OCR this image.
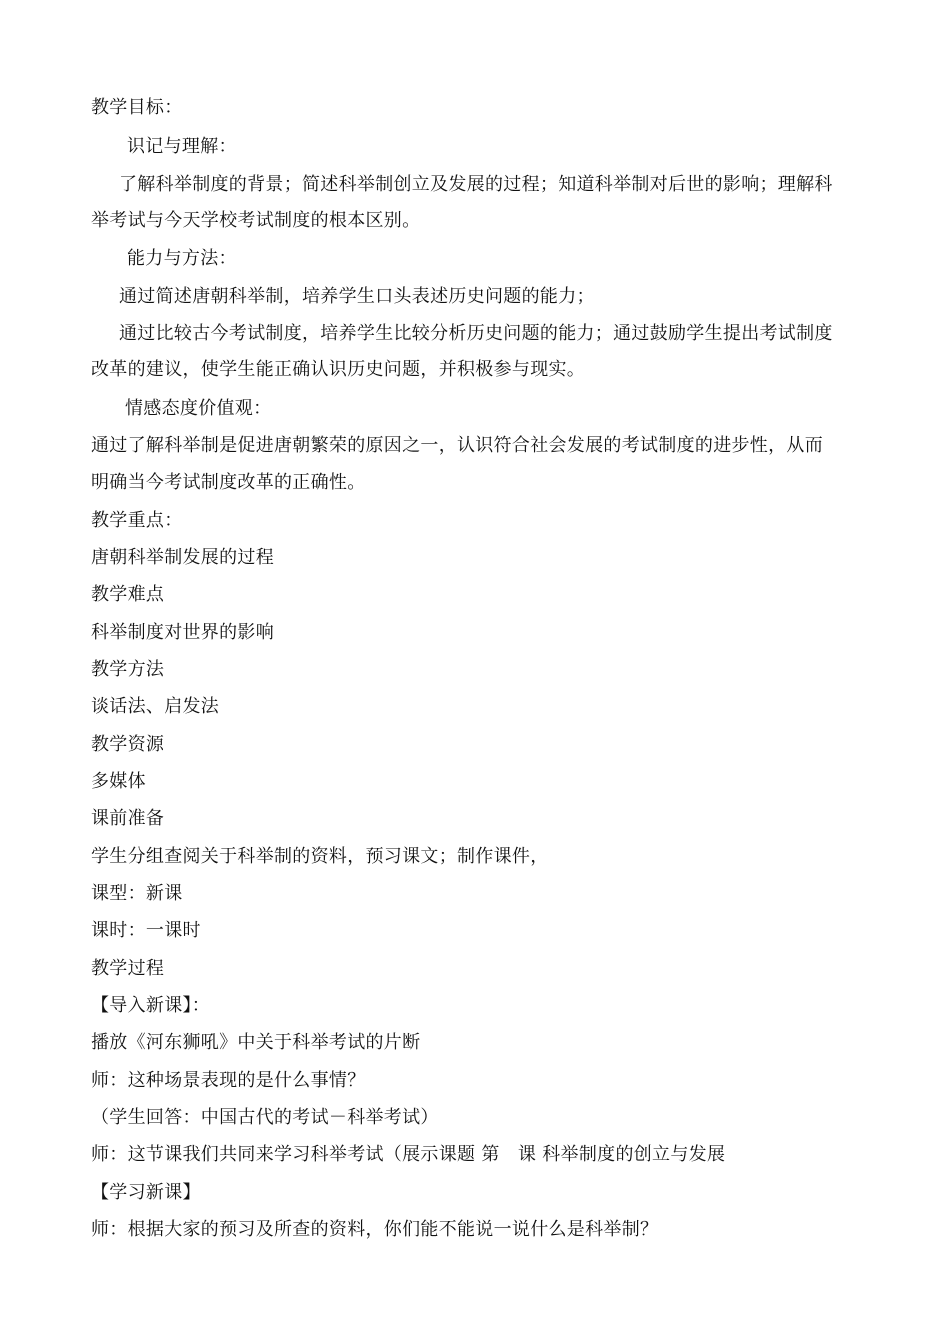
教学目标：
识记与理解：
了解科举制度的背景；简述科举制创立及发展的过程；知道科举制对后世的影响；理解科
举考试与今天学校考试制度的根本区别。
能力与方法：
通过简述唐朝科举制，培养学生口头表述历史问题的能力；
通过比较古今考试制度，培养学生比较分析历史问题的能力；通过鼓励学生提出考试制度
改革的建议，使学生能正确认识历史问题，并积极参与现实。
情感态度价值观：
通过了解科举制是促进唐朝繁荣的原因之一，认识符合社会发展的考试制度的进步性，从而
明确当今考试制度改革的正确性。
教学重点：
唐朝科举制发展的过程
教学难点
科举制度对世界的影响
教学方法
谈话法、启发法
教学资源
多媒体
课前准备
学生分组查阅关于科举制的资料，预习课文；制作课件，
课型：新课
课时：一课时
教学过程
【导入新课】：
播放《河东狮吼》中关于科举考试的片断
师：这种场景表现的是什么事情？
（学生回答：中国古代的考试－科举考试）
师：这节课我们共同来学习科举考试（展示课题 第　课 科举制度的创立与发展
【学习新课】
师：根据大家的预习及所查的资料，你们能不能说一说什么是科举制？
